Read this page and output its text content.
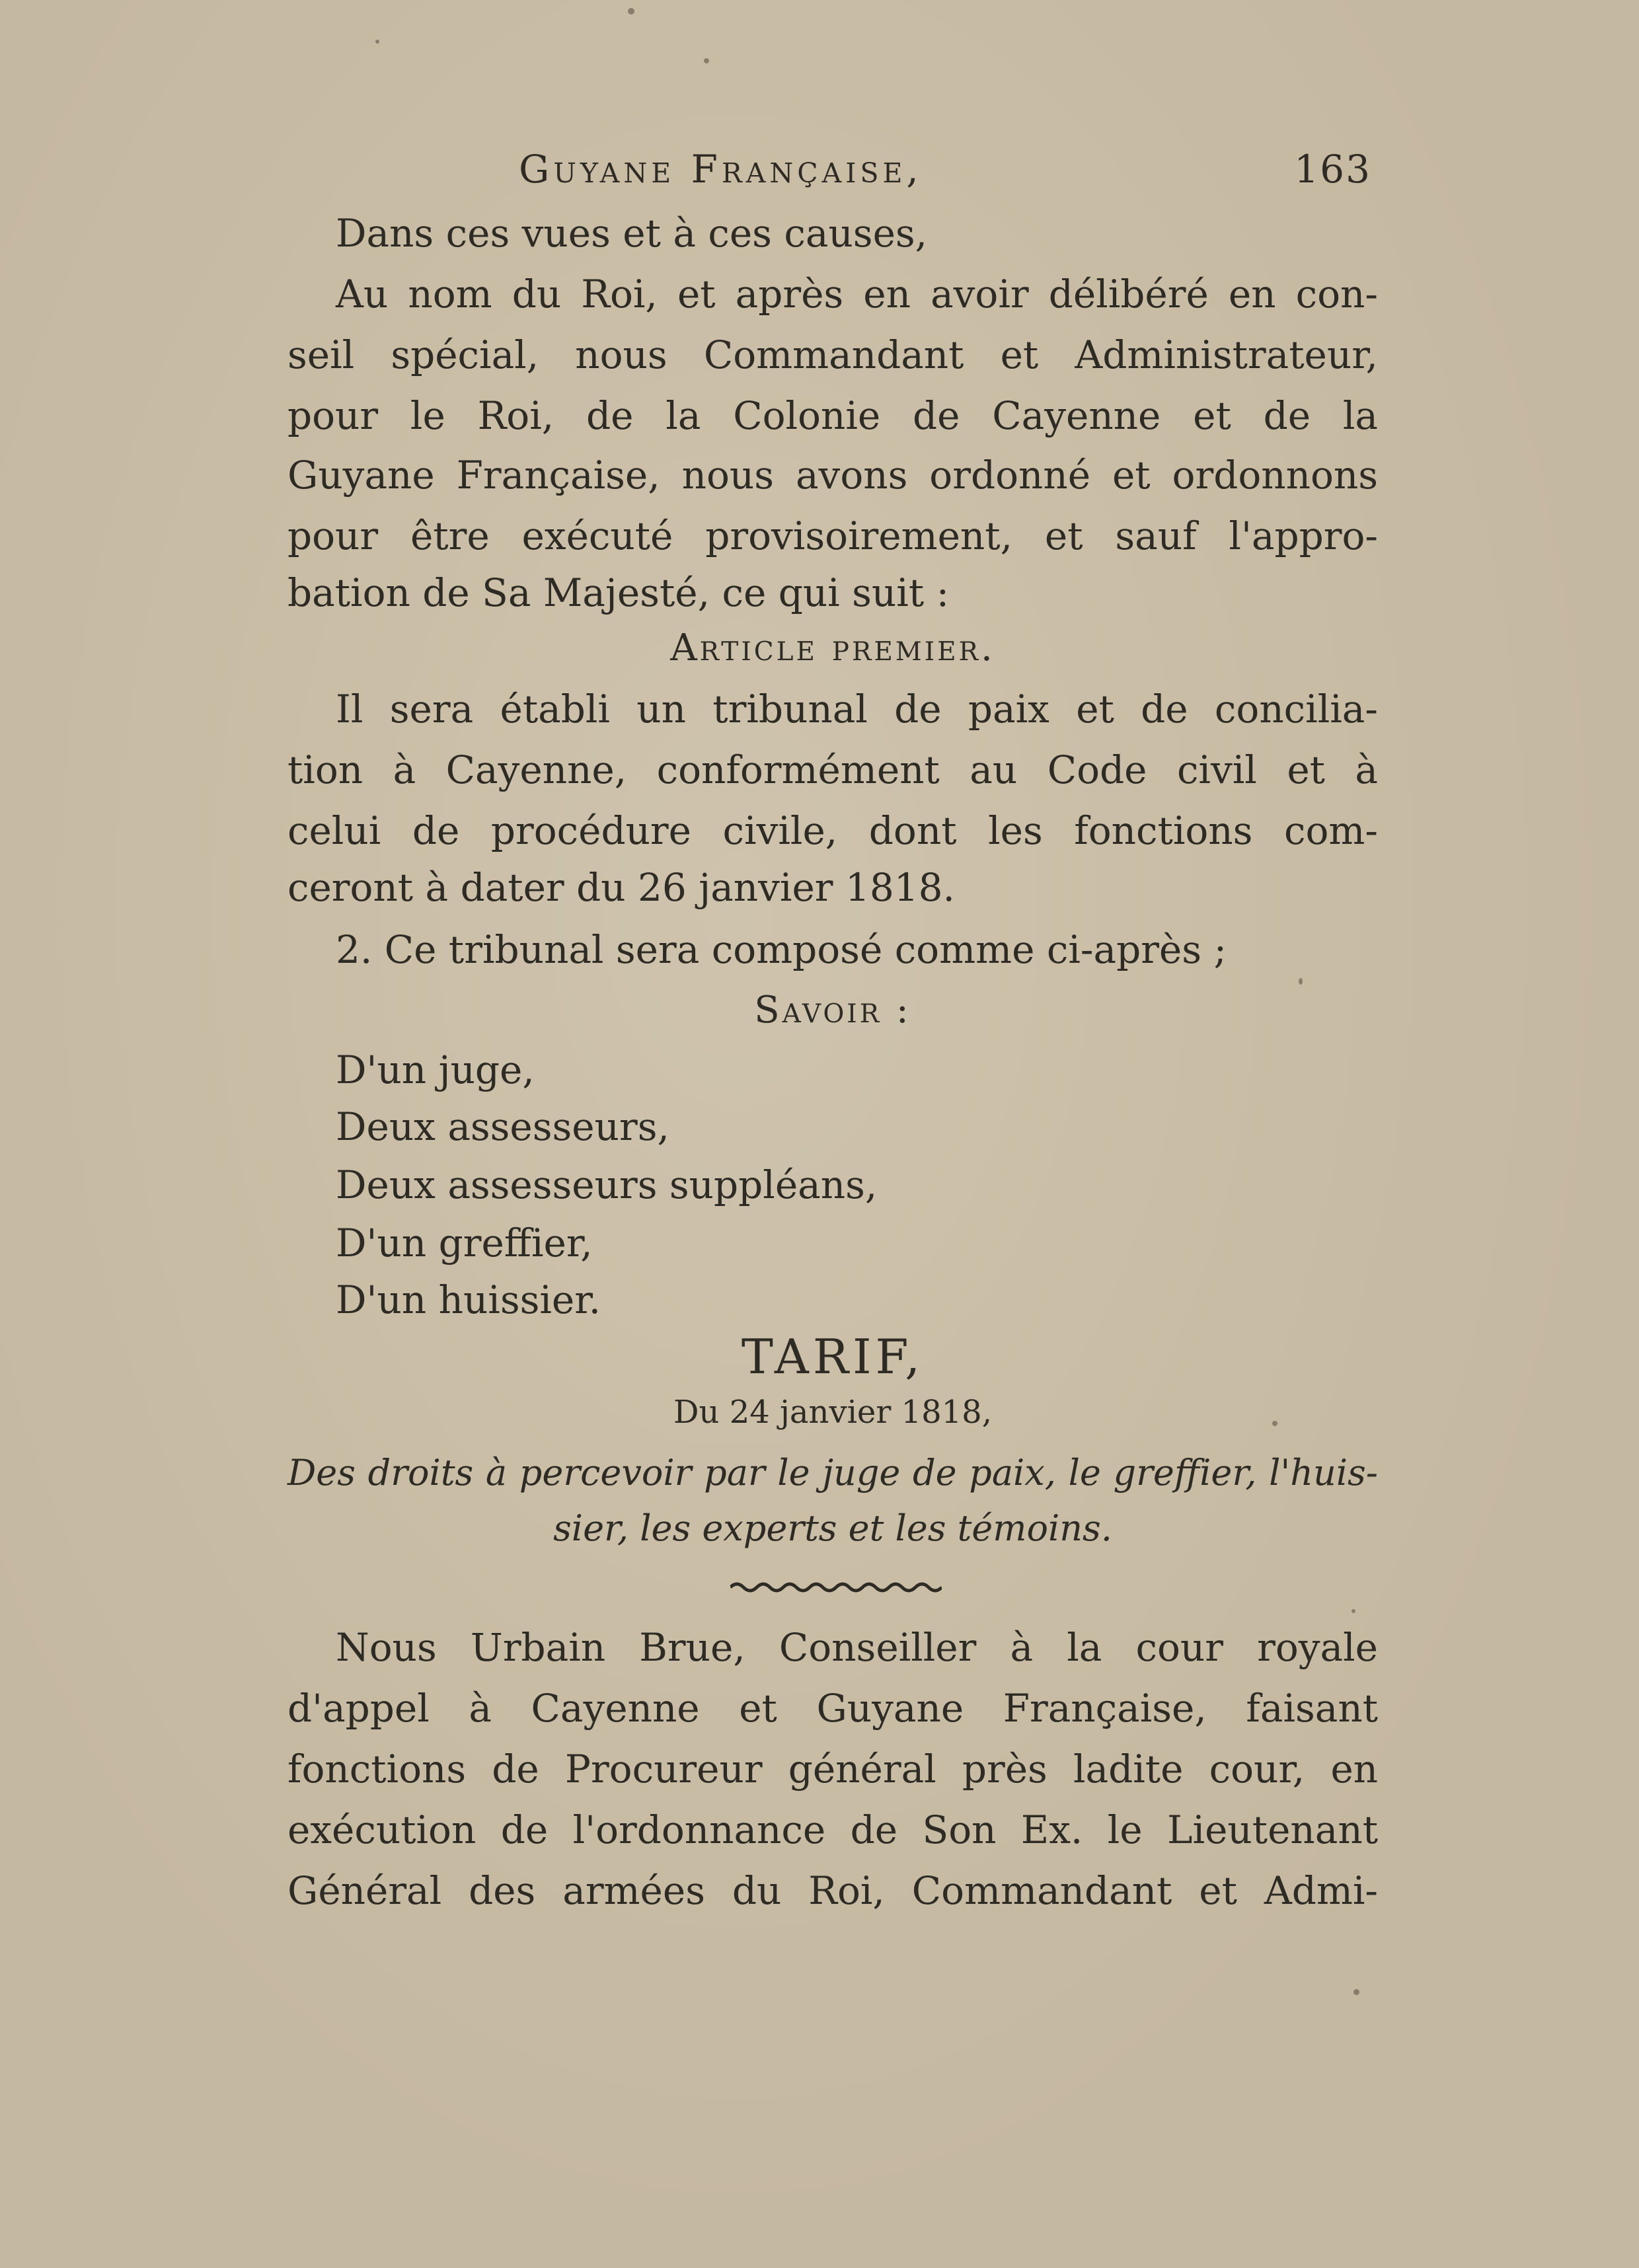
Guyane Française,	163
Dans ces vues et à ces causes,
Au nom du Roi, et après en avoir délibéré en con-
seil spécial, nous Commandant et Administrateur,
pour le Roi, de la Colonie de Cayenne et de la
Guyane Française, nous avons ordonné et ordonnons
pour être exécuté provisoirement, et sauf l'appro-
bation de Sa Majesté, ce qui suit :
Article premier.
Il sera établi un tribunal de paix et de concilia-
tion à Cayenne, conformément au Code civil et à
celui de procédure civile, dont les fonctions com-
ceront à dater du 26 janvier 1818.
2. Ce tribunal sera composé comme ci-après ;
Savoir :
D'un juge,
Deux assesseurs,
Deux assesseurs suppléans,
D'un greffier,
D'un huissier.
TARIF,
Du 24 janvier 1818,
Des droits à percevoir par le juge de paix, le greffier, l'huis-
sier, les experts et les témoins.
Nous Urbain Brue, Conseiller à la cour royale
d'appel à Cayenne et Guyane Française, faisant
fonctions de Procureur général près ladite cour, en
exécution de l'ordonnance de Son Ex. le Lieutenant
Général des armées du Roi, Commandant et Admi-
